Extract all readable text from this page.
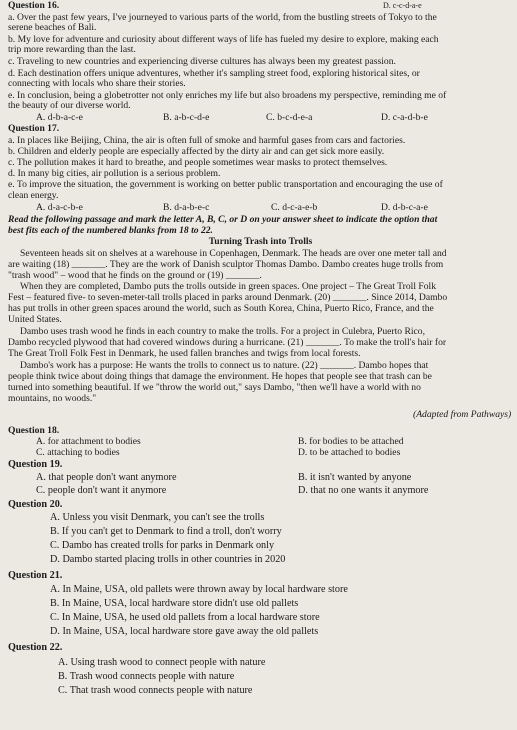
Question 16.	D. c-c-d-a-e
a. Over the past few years, I've journeyed to various parts of the world, from the bustling streets of Tokyo to the
serene beaches of Bali.
b. My love for adventure and curiosity about different ways of life has fueled my desire to explore, making each
trip more rewarding than the last.
c. Traveling to new countries and experiencing diverse cultures has always been my greatest passion.
d. Each destination offers unique adventures, whether it's sampling street food, exploring historical sites, or
connecting with locals who share their stories.
e. In conclusion, being a globetrotter not only enriches my life but also broadens my perspective, reminding me of
the beauty of our diverse world.
A. d-b-a-c-e	B. a-b-c-d-e	C. b-c-d-e-a	D. c-a-d-b-e
Question 17.
a. In places like Beijing, China, the air is often full of smoke and harmful gases from cars and factories.
b. Children and elderly people are especially affected by the dirty air and can get sick more easily.
c. The pollution makes it hard to breathe, and people sometimes wear masks to protect themselves.
d. In many big cities, air pollution is a serious problem.
e. To improve the situation, the government is working on better public transportation and encouraging the use of
clean energy.
A. d-a-c-b-e	B. d-a-b-e-c	C. d-c-a-e-b	D. d-b-c-a-e
Read the following passage and mark the letter A, B, C, or D on your answer sheet to indicate the option that
best fits each of the numbered blanks from 18 to 22.
Turning Trash into Trolls
Seventeen heads sit on shelves at a warehouse in Copenhagen, Denmark. The heads are over one meter tall and
are waiting (18) _______. They are the work of Danish sculptor Thomas Dambo. Dambo creates huge trolls from
"trash wood" – wood that he finds on the ground or (19) _______.
When they are completed, Dambo puts the trolls outside in green spaces. One project – The Great Troll Folk
Fest – featured five- to seven-meter-tall trolls placed in parks around Denmark. (20) _______. Since 2014, Dambo
has put trolls in other green spaces around the world, such as South Korea, China, Puerto Rico, France, and the
United States.
Dambo uses trash wood he finds in each country to make the trolls. For a project in Culebra, Puerto Rico,
Dambo recycled plywood that had covered windows during a hurricane. (21) _______. To make the troll's hair for
The Great Troll Folk Fest in Denmark, he used fallen branches and twigs from local forests.
Dambo's work has a purpose: He wants the trolls to connect us to nature. (22) _______. Dambo hopes that
people think twice about doing things that damage the environment. He hopes that people see that trash can be
turned into something beautiful. If we "throw the world out," says Dambo, "then we'll have a world with no
mountains, no woods."
(Adapted from Pathways)
Question 18.
A. for attachment to bodies	B. for bodies to be attached
C. attaching to bodies	D. to be attached to bodies
Question 19.
A. that people don't want anymore	B. it isn't wanted by anyone
C. people don't want it anymore	D. that no one wants it anymore
Question 20.
A. Unless you visit Denmark, you can't see the trolls
B. If you can't get to Denmark to find a troll, don't worry
C. Dambo has created trolls for parks in Denmark only
D. Dambo started placing trolls in other countries in 2020
Question 21.
A. In Maine, USA, old pallets were thrown away by local hardware store
B. In Maine, USA, local hardware store didn't use old pallets
C. In Maine, USA, he used old pallets from a local hardware store
D. In Maine, USA, local hardware store gave away the old pallets
Question 22.
A. Using trash wood to connect people with nature
B. Trash wood connects people with nature
C. That trash wood connects people with nature
